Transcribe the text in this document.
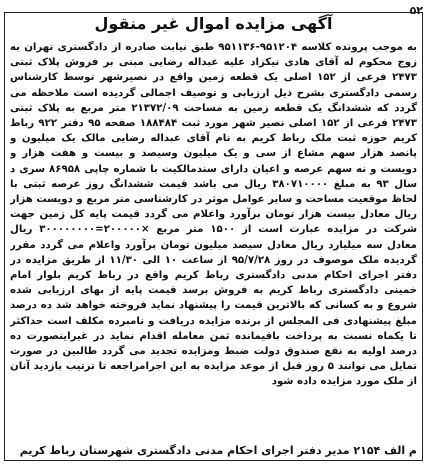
۵۲
آگهی مزایده اموال غیر منقول
به موجب پرونده کلاسه ۹۵۱۲۰۴-۹۵۱۱۳۶ طبق نیابت صادره از دادگستری تهران به زوج محکوم له آقای هادی نیکزاد علیه عبداله رضایی مبنی بر فروش پلاک ثبتی ۲۴۷۳ فرعی از ۱۵۲ اصلی یک قطعه زمین واقع در نصیرشهر توسط کارشناس رسمی دادگستری بشرح ذیل ارزیابی و توصیف اجمالی گردیده است ملاحظه می گردد که ششدانگ یک قطعه زمین به مساحت ۲۱۳۷۲/۰۹ متر مربع به پلاک ثبتی ۲۴۷۳ فرعی از ۱۵۲ اصلی نصیر شهر مورد ثبت ۱۸۸۴۸۴ صفحه ۹۵ دفتر ۹۲۲ رباط کریم حوزه ثبت ملک رباط کریم به نام آقای عبداله رضایی مالک یک میلیون و پانصد هزار سهم مشاع از سی و یک میلیون وسیصد و بیست و هفت هزار و دویست و نه سهم عرصه و اعیان دارای سندمالکیت با شماره چاپی ۸۶۹۵۸ سری د سال ۹۳ به مبلغ ۳۸۰۷۱۰۰۰۰ ریال می باشد قیمت ششدانگ روز عرصه ثبتی با لحاظ موقعیت مساحت و سایر عوامل موثر در کارشناسی متر مربع و دویست هزار ریال معادل بیست هزار تومان برآورد واعلام می گردد قیمت پایه کل زمین جهت شرکت در مزایده عبارت است از ۱۵۰۰ متر مربع ×۲۰۰۰۰۰=۳۰۰۰۰۰۰۰۰ ریال معادل سه میلیارد ریال معادل سیصد میلیون تومان برآورد واعلام می گردد مقرر گردیده ملک موصوف در روز ۹۵/۷/۲۸ از ساعت ۱۰ الی ۱۱/۳۰ از طریق مزایده در دفتر اجرای احکام مدنی دادگستری رباط کریم واقع در رباط کریم بلوار امام خمینی دادگستری رباط کریم به فروش برسد قیمت پایه از بهای ارزیابی شده شروع و به کسانی که بالاترین قیمت را پیشنهاد نماید فروخته خواهد شد ده درصد مبلغ پیشنهادی فی المجلس از برنده مزایده دریافت و نامبرده مکلف است حداکثر تا یکماه نسبت به پرداخت باقیمانده ثمن معامله اقدام نماید در غیراینصورت ده درصد اولیه به نفع صندوق دولت ضبط ومزایده تجدید می گردد طالبین در صورت تمایل می توانند ۵ روز قبل از موعد مزایده به این اجرامراجعه تا ترتیب بازدید آنان از ملک مورد مزایده داده شود
م الف ۲۱۵۴ مدیر دفتر اجرای احکام مدنی دادگستری شهرستان رباط کریم
